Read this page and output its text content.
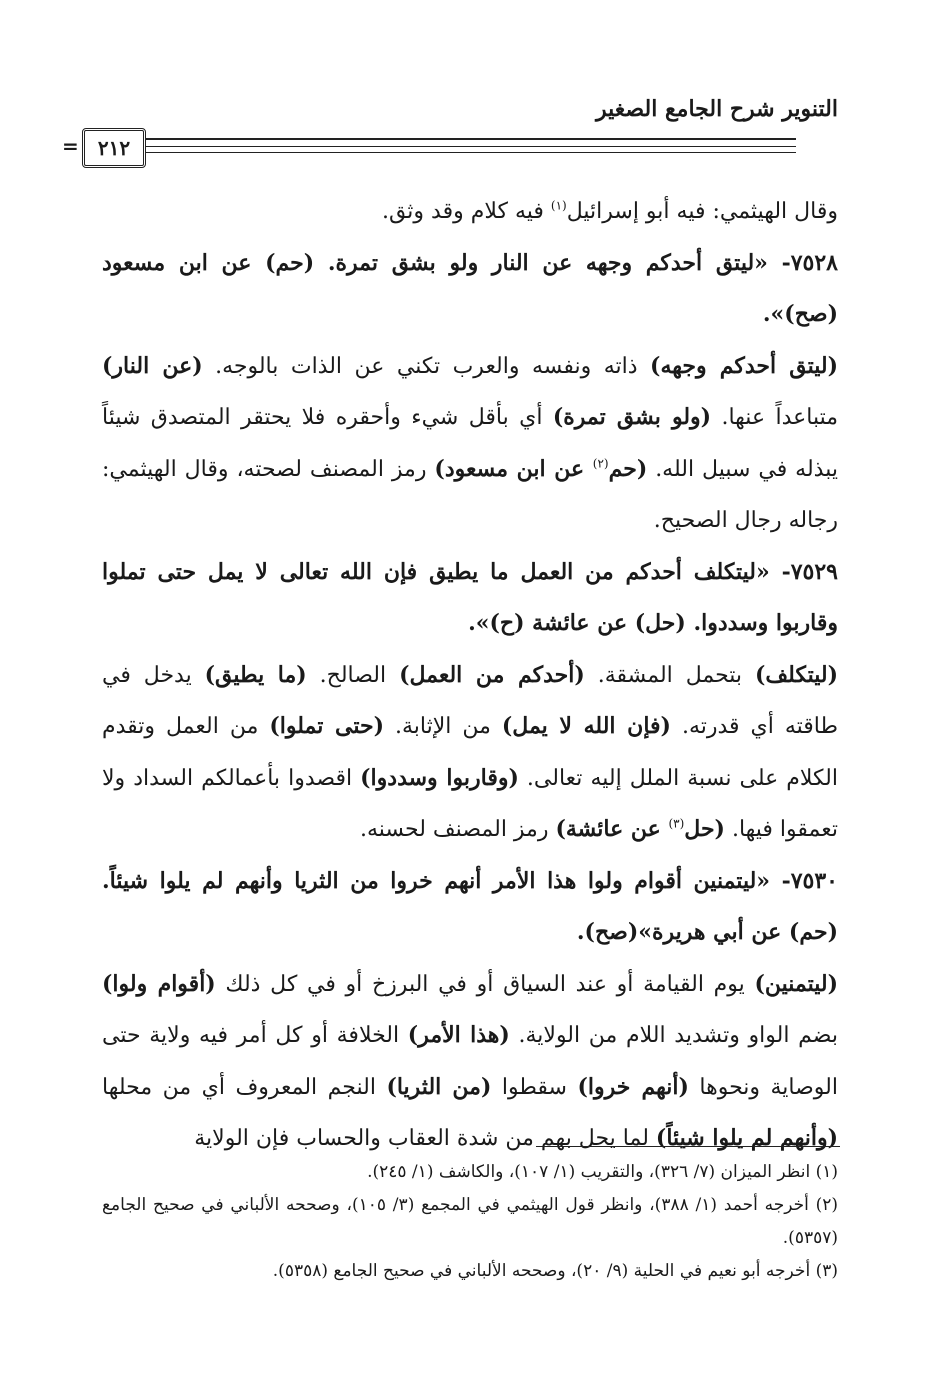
التنوير شرح الجامع الصغير
٢١٢
=

وقال الهيثمي: فيه أبو إسرائيل$^{(١)}$ فيه كلام وقد وثق.

٧٥٢٨- «ليتق أحدكم وجهه عن النار ولو بشق تمرة. (حم) عن ابن مسعود (صح)».

(ليتق أحدكم وجهه) ذاته ونفسه والعرب تكني عن الذات بالوجه. (عن النار) متباعداً عنها. (ولو بشق تمرة) أي بأقل شيء وأحقره فلا يحتقر المتصدق شيئاً يبذله في سبيل الله. (حم$^{(٢)}$ عن ابن مسعود) رمز المصنف لصحته، وقال الهيثمي: رجاله رجال الصحيح.

٧٥٢٩- «ليتكلف أحدكم من العمل ما يطيق فإن الله تعالى لا يمل حتى تملوا وقاربوا وسددوا. (حل) عن عائشة (ح)».

(ليتكلف) بتحمل المشقة. (أحدكم من العمل) الصالح. (ما يطيق) يدخل في طاقته أي قدرته. (فإن الله لا يمل) من الإثابة. (حتى تملوا) من العمل وتقدم الكلام على نسبة الملل إليه تعالى. (وقاربوا وسددوا) اقصدوا بأعمالكم السداد ولا تعمقوا فيها. (حل$^{(٣)}$ عن عائشة) رمز المصنف لحسنه.

٧٥٣٠- «ليتمنين أقوام ولوا هذا الأمر أنهم خروا من الثريا وأنهم لم يلوا شيئاً. (حم) عن أبي هريرة»(صح).

(ليتمنين) يوم القيامة أو عند السياق أو في البرزخ أو في كل ذلك (أقوام ولوا) بضم الواو وتشديد اللام من الولاية. (هذا الأمر) الخلافة أو كل أمر فيه ولاية حتى الوصاية ونحوها (أنهم خروا) سقطوا (من الثريا) النجم المعروف أي من محلها (وأنهم لم يلوا شيئاً) لما يحل بهم من شدة العقاب والحساب فإن الولاية

(١) انظر الميزان (٧/ ٣٢٦)، والتقريب (١/ ١٠٧)، والكاشف (١/ ٢٤٥).

(٢) أخرجه أحمد (١/ ٣٨٨)، وانظر قول الهيثمي في المجمع (٣/ ١٠٥)، وصححه الألباني في صحيح الجامع (٥٣٥٧).

(٣) أخرجه أبو نعيم في الحلية (٩/ ٢٠)، وصححه الألباني في صحيح الجامع (٥٣٥٨).
